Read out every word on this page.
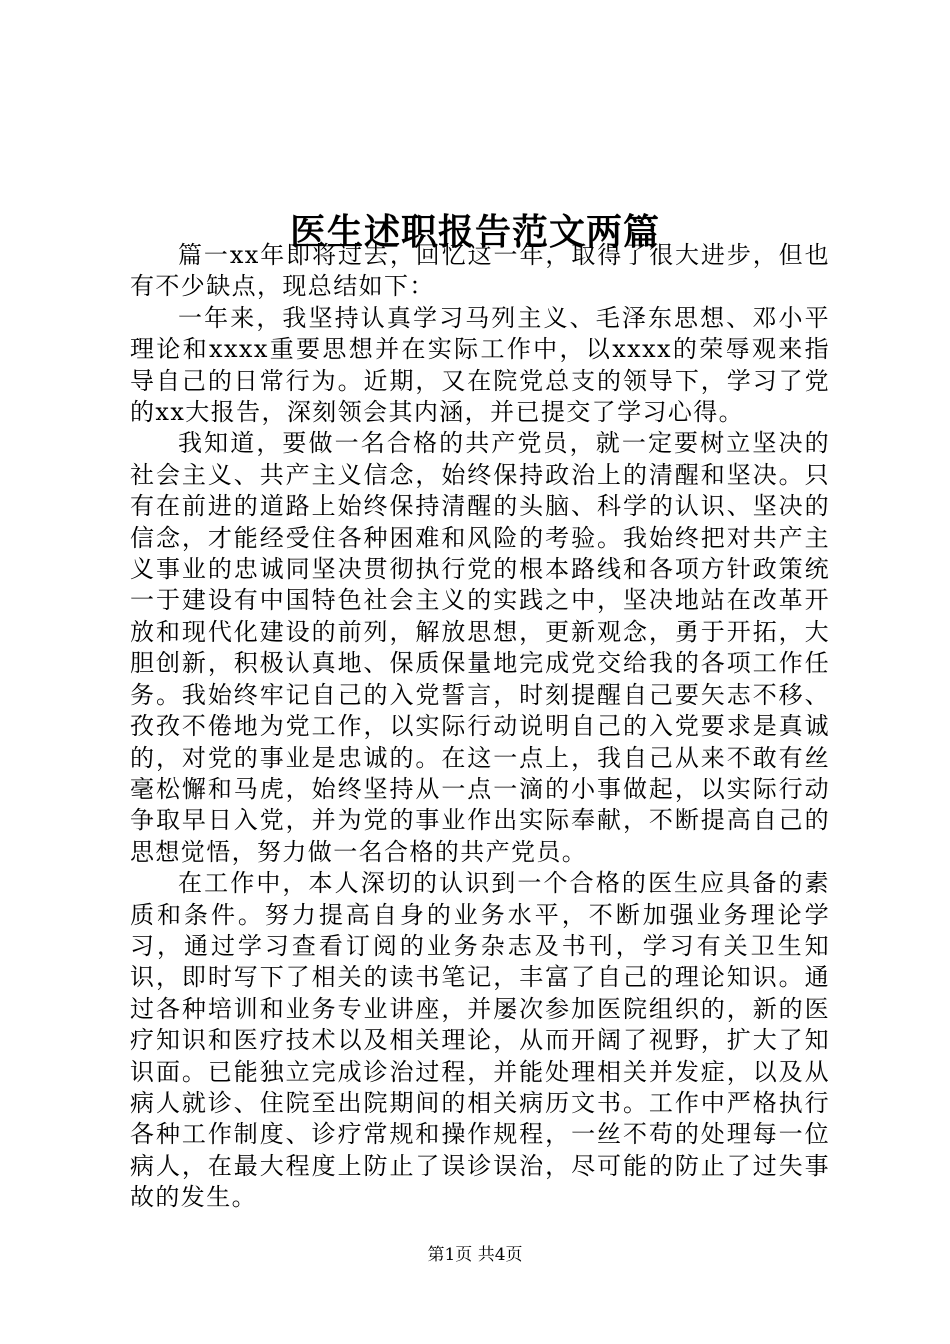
医生述职报告范文两篇

篇一xx年即将过去，回忆这一年，取得了很大进步，但也有不少缺点，现总结如下：

一年来，我坚持认真学习马列主义、毛泽东思想、邓小平理论和xxxx重要思想并在实际工作中，以xxxx的荣辱观来指导自己的日常行为。近期，又在院党总支的领导下，学习了党的xx大报告，深刻领会其内涵，并已提交了学习心得。

我知道，要做一名合格的共产党员，就一定要树立坚决的社会主义、共产主义信念，始终保持政治上的清醒和坚决。只有在前进的道路上始终保持清醒的头脑、科学的认识、坚决的信念，才能经受住各种困难和风险的考验。我始终把对共产主义事业的忠诚同坚决贯彻执行党的根本路线和各项方针政策统一于建设有中国特色社会主义的实践之中，坚决地站在改革开放和现代化建设的前列，解放思想，更新观念，勇于开拓，大胆创新，积极认真地、保质保量地完成党交给我的各项工作任务。我始终牢记自己的入党誓言，时刻提醒自己要矢志不移、孜孜不倦地为党工作，以实际行动说明自己的入党要求是真诚的，对党的事业是忠诚的。在这一点上，我自己从来不敢有丝毫松懈和马虎，始终坚持从一点一滴的小事做起，以实际行动争取早日入党，并为党的事业作出实际奉献，不断提高自己的思想觉悟，努力做一名合格的共产党员。

在工作中，本人深切的认识到一个合格的医生应具备的素质和条件。努力提高自身的业务水平，不断加强业务理论学习，通过学习查看订阅的业务杂志及书刊，学习有关卫生知识，即时写下了相关的读书笔记，丰富了自己的理论知识。通过各种培训和业务专业讲座，并屡次参加医院组织的，新的医疗知识和医疗技术以及相关理论，从而开阔了视野，扩大了知识面。已能独立完成诊治过程，并能处理相关并发症，以及从病人就诊、住院至出院期间的相关病历文书。工作中严格执行各种工作制度、诊疗常规和操作规程，一丝不苟的处理每一位病人，在最大程度上防止了误诊误治，尽可能的防止了过失事故的发生。

第1页 共4页
